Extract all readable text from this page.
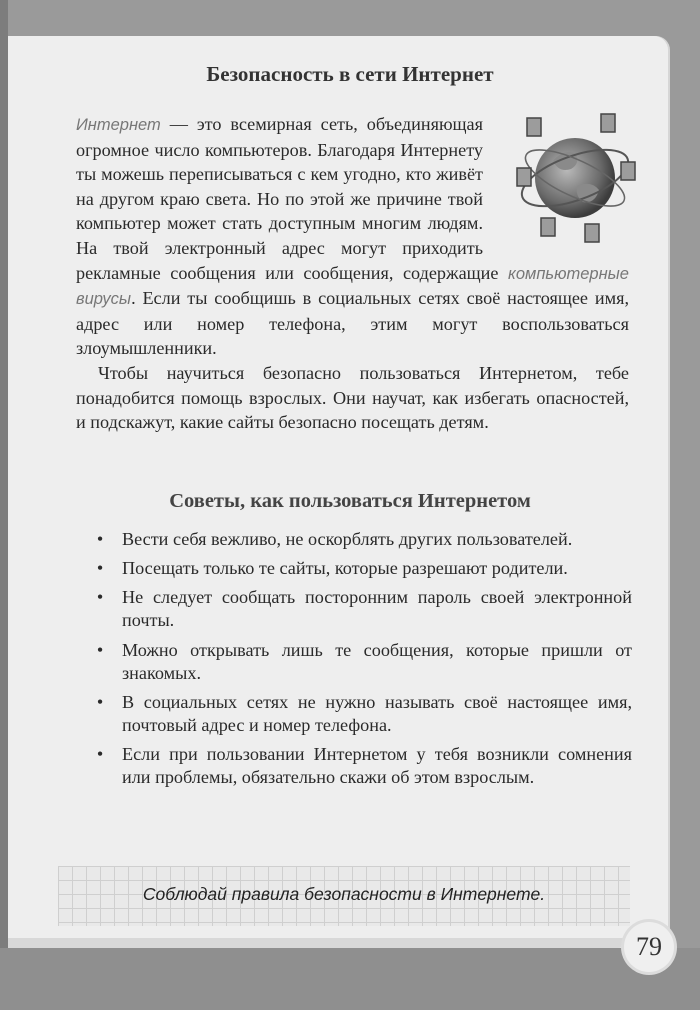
Безопасность в сети Интернет

Интернет — это всемирная сеть, объединяющая огромное число компьютеров. Благодаря Интернету ты можешь переписываться с кем угодно, кто живёт на другом краю света. Но по этой же причине твой компьютер может стать доступным многим людям. На твой электронный адрес могут приходить рекламные сообщения или сообщения, содержащие компьютерные вирусы. Если ты сообщишь в социальных сетях своё настоящее имя, адрес или номер телефона, этим могут воспользоваться злоумышленники.

Чтобы научиться безопасно пользоваться Интернетом, тебе понадобится помощь взрослых. Они научат, как избегать опасностей, и подскажут, какие сайты безопасно посещать детям.

Советы, как пользоваться Интернетом
• Вести себя вежливо, не оскорблять других пользователей.
• Посещать только те сайты, которые разрешают родители.
• Не следует сообщать посторонним пароль своей электронной почты.
• Можно открывать лишь те сообщения, которые пришли от знакомых.
• В социальных сетях не нужно называть своё настоящее имя, почтовый адрес и номер телефона.
• Если при пользовании Интернетом у тебя возникли сомнения или проблемы, обязательно скажи об этом взрослым.
Соблюдай правила безопасности в Интернете.
79
